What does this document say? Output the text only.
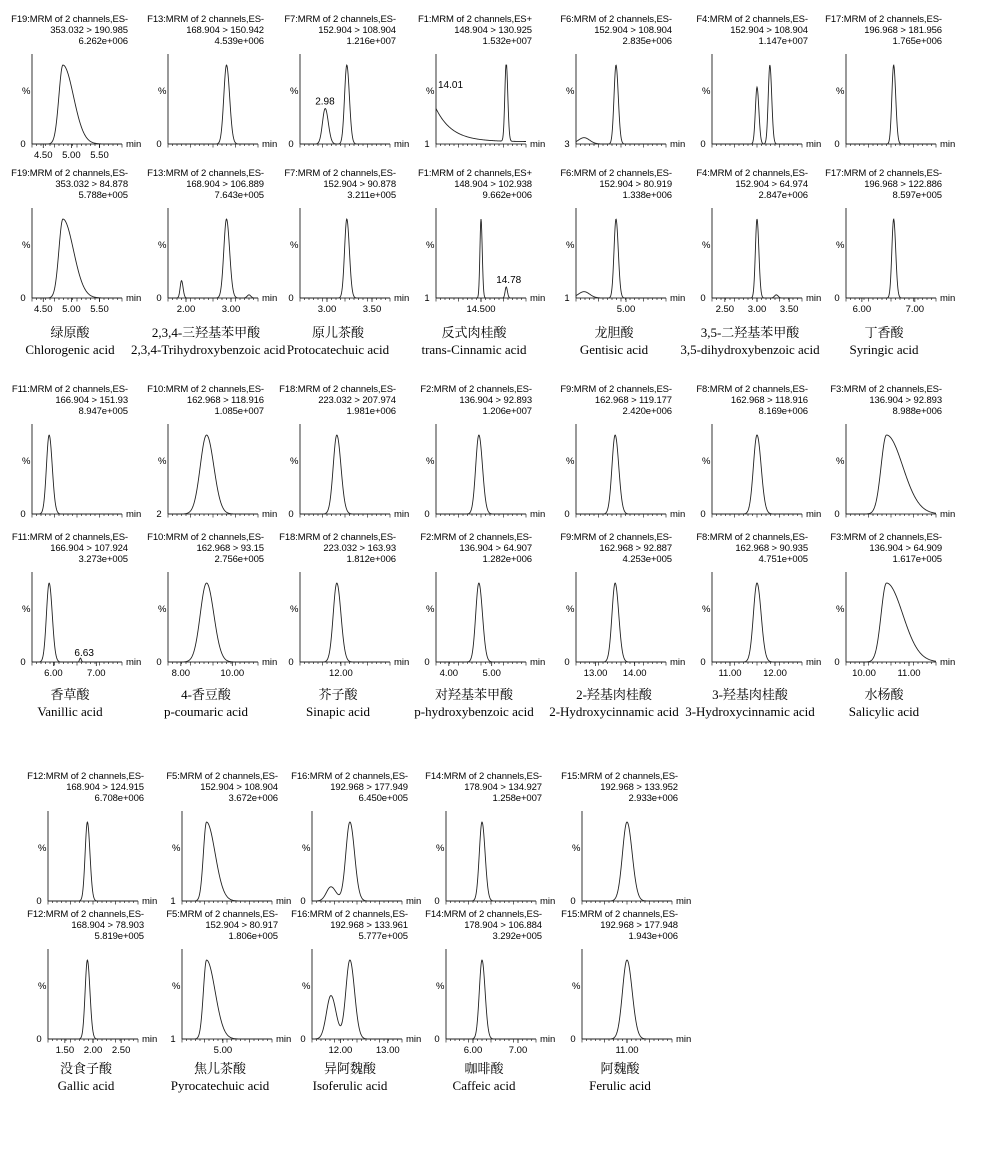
F19:MRM of 2 channels,ES-
353.032 > 190.985
6.262e+006
%
0	min
4.50 5.00 5.50
F13:MRM of 2 channels,ES-
168.904 > 150.942
4.539e+006
%
0	min
F7:MRM of 2 channels,ES-
152.904 > 108.904
1.216e+007
%
0	min
2.98
F1:MRM of 2 channels,ES+
148.904 > 130.925
1.532e+007
%
1	min
14.01
F6:MRM of 2 channels,ES-
152.904 > 108.904
2.835e+006
%
3	min
F4:MRM of 2 channels,ES-
152.904 > 108.904
1.147e+007
%
0	min
F17:MRM of 2 channels,ES-
196.968 > 181.956
1.765e+006
%
0	min
F19:MRM of 2 channels,ES-
353.032 > 84.878
5.788e+005
%
0	min
4.50 5.00 5.50
绿原酸
Chlorogenic acid
F13:MRM of 2 channels,ES-
168.904 > 106.889
7.643e+005
%
0	min
2.00	3.00
2,3,4-三羟基苯甲酸
2,3,4-Trihydroxybenzoic acid
F7:MRM of 2 channels,ES-
152.904 > 90.878
3.211e+005
%
0	min
3.00	3.50
原儿茶酸
Protocatechuic acid
F1:MRM of 2 channels,ES+
148.904 > 102.938
9.662e+006
%
1	min
14.500
14.78
反式肉桂酸
trans-Cinnamic acid
F6:MRM of 2 channels,ES-
152.904 > 80.919
1.338e+006
%
1	min
5.00
龙胆酸
Gentisic acid
F4:MRM of 2 channels,ES-
152.904 > 64.974
2.847e+006
%
0	min
2.50 3.00 3.50
3,5-二羟基苯甲酸
3,5-dihydroxybenzoic acid
F17:MRM of 2 channels,ES-
196.968 > 122.886
8.597e+005
%
0	min
6.00	7.00
丁香酸
Syringic acid
F11:MRM of 2 channels,ES-
166.904 > 151.93
8.947e+005
%
0	min
F10:MRM of 2 channels,ES-
162.968 > 118.916
1.085e+007
%
2	min
F18:MRM of 2 channels,ES-
223.032 > 207.974
1.981e+006
%
0	min
F2:MRM of 2 channels,ES-
136.904 > 92.893
1.206e+007
%
0	min
F9:MRM of 2 channels,ES-
162.968 > 119.177
2.420e+006
%
0	min
F8:MRM of 2 channels,ES-
162.968 > 118.916
8.169e+006
%
0	min
F3:MRM of 2 channels,ES-
136.904 > 92.893
8.988e+006
%
0	min
F11:MRM of 2 channels,ES-
166.904 > 107.924
3.273e+005
%
0	min
6.00	7.00
6.63
香草酸
Vanillic acid
F10:MRM of 2 channels,ES-
162.968 > 93.15
2.756e+005
%
0	min
8.00	10.00
4-香豆酸
p-coumaric acid
F18:MRM of 2 channels,ES-
223.032 > 163.93
1.812e+006
%
0	min
12.00
芥子酸
Sinapic acid
F2:MRM of 2 channels,ES-
136.904 > 64.907
1.282e+006
%
0	min
4.00	5.00
对羟基苯甲酸
p-hydroxybenzoic acid
F9:MRM of 2 channels,ES-
162.968 > 92.887
4.253e+005
%
0	min
13.00 14.00
2-羟基肉桂酸
2-Hydroxycinnamic acid
F8:MRM of 2 channels,ES-
162.968 > 90.935
4.751e+005
%
0	min
11.00 12.00
3-羟基肉桂酸
3-Hydroxycinnamic acid
F3:MRM of 2 channels,ES-
136.904 > 64.909
1.617e+005
%
0	min
10.00 11.00
水杨酸
Salicylic acid
F12:MRM of 2 channels,ES-
168.904 > 124.915
6.708e+006
%
0	min
F5:MRM of 2 channels,ES-
152.904 > 108.904
3.672e+006
%
1	min
F16:MRM of 2 channels,ES-
192.968 > 177.949
6.450e+005
%
0	min
F14:MRM of 2 channels,ES-
178.904 > 134.927
1.258e+007
%
0	min
F15:MRM of 2 channels,ES-
192.968 > 133.952
2.933e+006
%
0	min
F12:MRM of 2 channels,ES-
168.904 > 78.903
5.819e+005
%
0	min
1.50 2.00 2.50
没食子酸
Gallic acid
F5:MRM of 2 channels,ES-
152.904 > 80.917
1.806e+005
%
1	min
5.00
焦儿茶酸
Pyrocatechuic acid
F16:MRM of 2 channels,ES-
192.968 > 133.961
5.777e+005
%
0	min
12.00 13.00
异阿魏酸
Isoferulic acid
F14:MRM of 2 channels,ES-
178.904 > 106.884
3.292e+005
%
0	min
6.00	7.00
咖啡酸
Caffeic acid
F15:MRM of 2 channels,ES-
192.968 > 177.948
1.943e+006
%
0	min
11.00
阿魏酸
Ferulic acid
